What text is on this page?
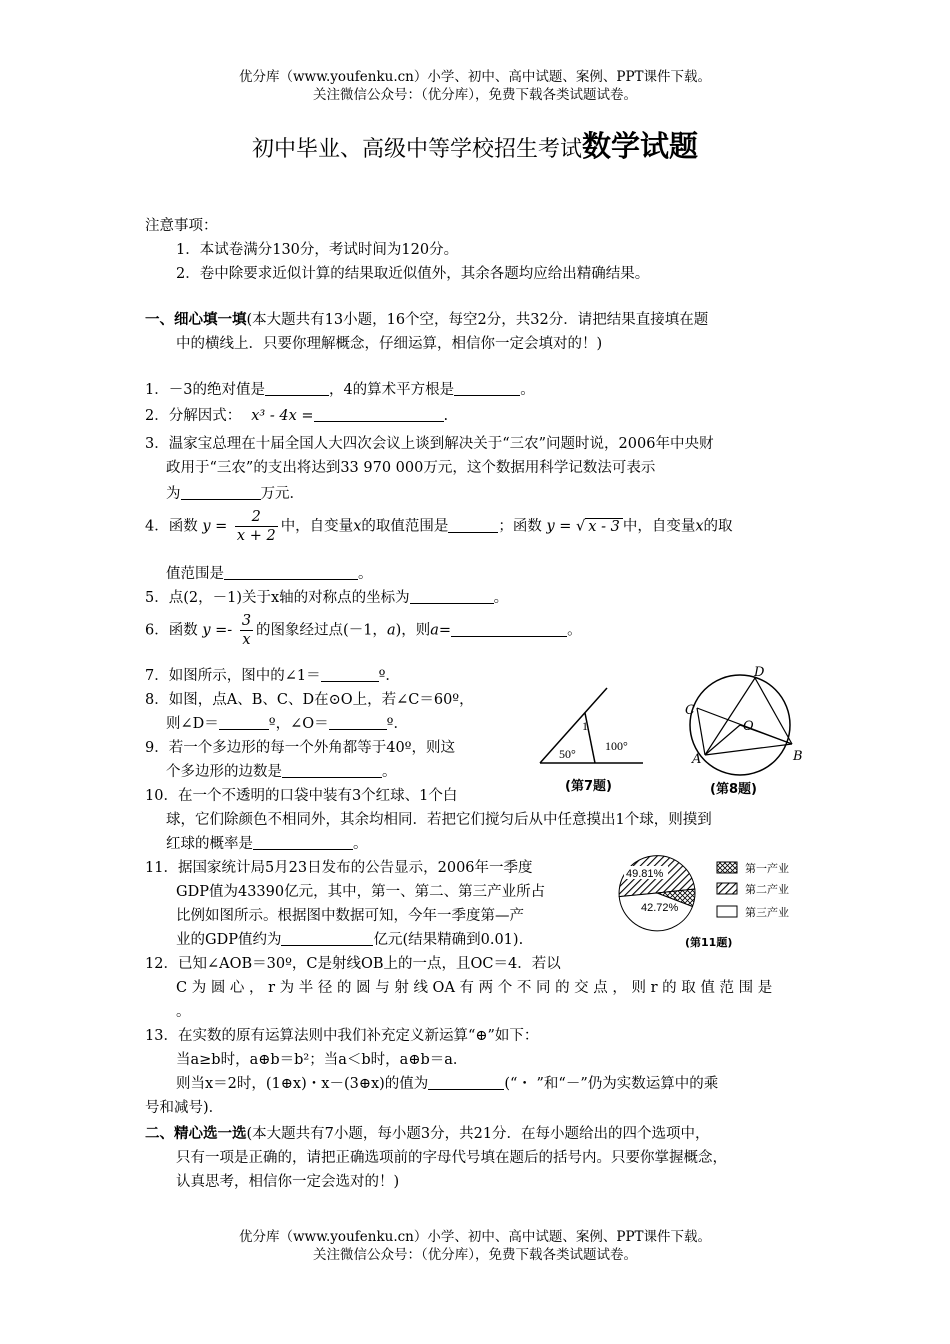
优分库（www.youfenku.cn）小学、初中、高中试题、案例、PPT课件下载。
关注微信公众号：（优分库），免费下载各类试题试卷。
初中毕业、高级中等学校招生考试数学试题
注意事项：
1．本试卷满分130分，考试时间为120分。
2．卷中除要求近似计算的结果取近似值外，其余各题均应给出精确结果。
一、细心填一填(本大题共有13小题，16个空，每空2分，共32分．请把结果直接填在题
中的横线上．只要你理解概念，仔细运算，相信你一定会填对的！)
1．－3的绝对值是	，4的算术平方根是	。
2．分解因式： x³ - 4x =	.
3．温家宝总理在十届全国人大四次会议上谈到解决关于“三农”问题时说，2006年中央财
政用于“三农”的支出将达到33 970 000万元，这个数据用科学记数法可表示
为	万元．
4．函数 $y = \frac{2}{x + 2}$ 中，自变量x的取值范围是	；函数 y = √ x - 3 中，自变量x的取
值范围是	。
5．点(2，－1)关于x轴的对称点的坐标为	。
6．函数 $y =- \frac{3}{x}$ 的图象经过点(－1，a)，则a=	。
7．如图所示，图中的∠1＝	º．
8．如图，点A、B、C、D在⊙O上，若∠C＝60º，
则∠D＝	º，∠O＝	º．
9．若一个多边形的每一个外角都等于40º，则这
个多边形的边数是	。
10．在一个不透明的口袋中装有3个红球、1个白
球，它们除颜色不相同外，其余均相同．若把它们搅匀后从中任意摸出1个球，则摸到
红球的概率是	。
11．据国家统计局5月23日发布的公告显示，2006年一季度
GDP值为43390亿元，其中，第一、第二、第三产业所占
比例如图所示。根据图中数据可知，今年一季度第—产
业的GDP值约为	亿元(结果精确到0.01).
12．已知∠AOB＝30º，C是射线OB上的一点，且OC＝4．若以
C 为 圆 心 ， r 为 半 径 的 圆 与 射 线 OA 有 两 个 不 同 的 交 点 ， 则 r 的 取 值 范 围 是
。
13．在实数的原有运算法则中我们补充定义新运算“⊕”如下：
当a≥b时，a⊕b＝b²；当a＜b时，a⊕b＝a．
则当x＝2时，(1⊕x)・x－(3⊕x)的值为	(“・ ”和“－”仍为实数运算中的乘
号和减号)．
二、精心选一选(本大题共有7小题，每小题3分，共21分．在每小题给出的四个选项中，
只有一项是正确的，请把正确选项前的字母代号填在题后的括号内。只要你掌握概念，
认真思考，相信你一定会选对的！)
1
50°
100°
(第7题)
D
C
O
A	B
(第8题)
49.81%
42.72%
第一产业
第二产业
第三产业
(第11题)
优分库（www.youfenku.cn）小学、初中、高中试题、案例、PPT课件下载。
关注微信公众号：（优分库），免费下载各类试题试卷。
